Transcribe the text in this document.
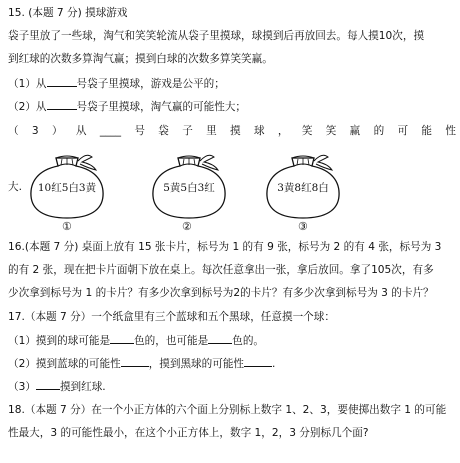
15. (本题 7 分) 摸球游戏
袋子里放了一些球，淘气和笑笑轮流从袋子里摸球，球摸到后再放回去。每人摸10次，摸
到红球的次数多算淘气赢；摸到白球的次数多算笑笑赢。
（1）从	号袋子里摸球，游戏是公平的；
（2）从	号袋子里摸球，淘气赢的可能性大；
（ 3 ） 从 ____ 号 袋 子 里 摸 球 ， 笑 笑 赢 的 可 能 性
大.	10红5白3黄
①
5黄5白3红
②
3黄8红8白
③
16.(本题 7 分) 桌面上放有 15 张卡片，标号为 1 的有 9 张，标号为 2 的有 4 张，标号为 3
的有 2 张，现在把卡片面朝下放在桌上。每次任意拿出一张，拿后放回。拿了105次，有多
少次拿到标号为 1 的卡片？有多少次拿到标号为2的卡片？有多少次拿到标号为 3 的卡片？
17.（本题 7 分）一个纸盒里有三个蓝球和五个黑球，任意摸一个球：
（1）摸到的球可能是 色的，也可能是 色的。
（2）摸到蓝球的可能性	，摸到黑球的可能性	.
（3） 摸到红球.
18.（本题 7 分）在一个小正方体的六个面上分别标上数字 1、2、3，要使掷出数字 1 的可能
性最大，3 的可能性最小，在这个小正方体上，数字 1，2，3 分别标几个面?
